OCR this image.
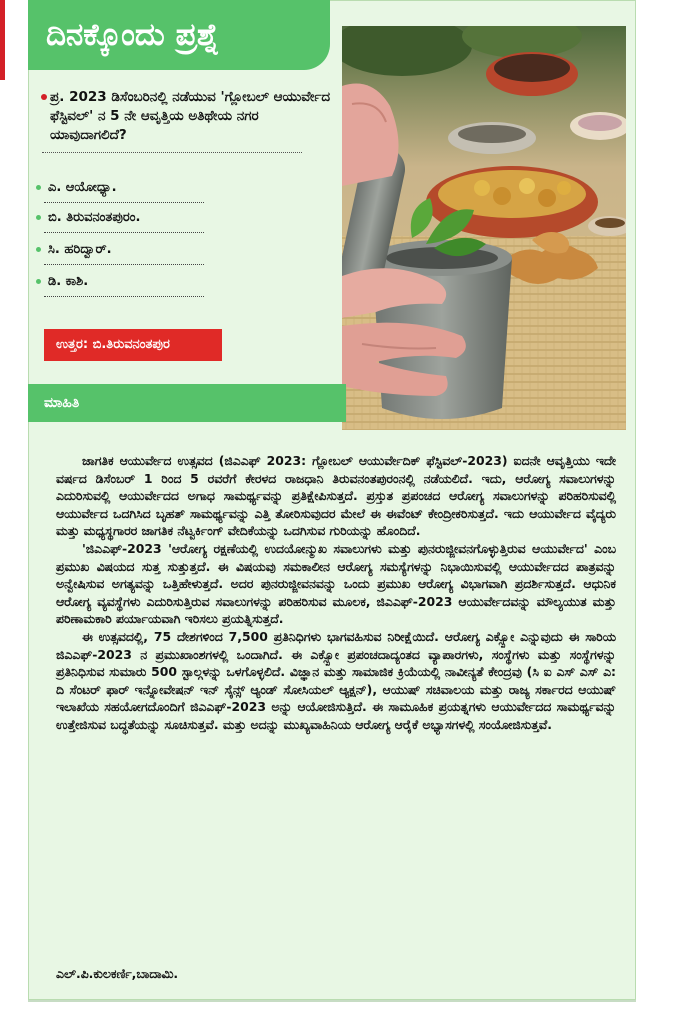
ದಿನಕ್ಕೊಂದು ಪ್ರಶ್ನೆ
ಪ್ರ. 2023 ಡಿಸೆಂಬರಿನಲ್ಲಿ ನಡೆಯುವ 'ಗ್ಲೋಬಲ್ ಆಯುರ್ವೇದ ಫೆಸ್ಟಿವಲ್' ನ 5 ನೇ ಆವೃತ್ತಿಯ ಅತಿಥೇಯ ನಗರ ಯಾವುದಾಗಲಿದೆ?
ಎ. ಆಯೋಧ್ಯಾ.
ಬಿ. ತಿರುವನಂತಪುರಂ.
ಸಿ. ಹರಿದ್ವಾರ್.
ಡಿ. ಕಾಶಿ.
ಉತ್ತರ: ಬಿ.ತಿರುವನಂತಪುರ
ಮಾಹಿತಿ

ಜಾಗತಿಕ ಆಯುರ್ವೇದ ಉತ್ಸವದ (ಜಿಎಎಫ್ 2023: ಗ್ಲೋಬಲ್ ಆಯುರ್ವೇದಿಕ್ ಫೆಸ್ಟಿವಲ್-2023) ಐದನೇ ಆವೃತ್ತಿಯು ಇದೇ ವರ್ಷದ ಡಿಸೆಂಬರ್ 1 ರಿಂದ 5 ರವರೆಗೆ ಕೇರಳದ ರಾಜಧಾನಿ ತಿರುವನಂತಪುರಂನಲ್ಲಿ ನಡೆಯಲಿದೆ. ಇದು, ಆರೋಗ್ಯ ಸವಾಲುಗಳನ್ನು ಎದುರಿಸುವಲ್ಲಿ ಆಯುರ್ವೇದದ ಅಗಾಧ ಸಾಮರ್ಥ್ಯವನ್ನು ಪ್ರತಿಕ್ಷೇಪಿಸುತ್ತದೆ. ಪ್ರಸ್ತುತ ಪ್ರಪಂಚದ ಆರೋಗ್ಯ ಸವಾಲುಗಳನ್ನು ಪರಿಹರಿಸುವಲ್ಲಿ ಆಯುರ್ವೇದ ಒದಗಿಸಿದ ಬೃಹತ್ ಸಾಮರ್ಥ್ಯವನ್ನು ಎತ್ತಿ ತೋರಿಸುವುದರ ಮೇಲೆ ಈ ಈವೆಂಟ್ ಕೇಂದ್ರೀಕರಿಸುತ್ತದೆ. ಇದು ಆಯುರ್ವೇದ ವೈದ್ಯರು ಮತ್ತು ಮಧ್ಯಸ್ಥಗಾರರ ಜಾಗತಿಕ ನೆಟ್ವರ್ಕಿಂಗ್ ವೇದಿಕೆಯನ್ನು ಒದಗಿಸುವ ಗುರಿಯನ್ನು ಹೊಂದಿದೆ.

'ಜಿಎಎಫ್-2023 'ಆರೋಗ್ಯ ರಕ್ಷಣೆಯಲ್ಲಿ ಉದಯೋನ್ಮುಖ ಸವಾಲುಗಳು ಮತ್ತು ಪುನರುಜ್ಜೀವನಗೊಳ್ಳುತ್ತಿರುವ ಆಯುರ್ವೇದ' ಎಂಬ ಪ್ರಮುಖ ವಿಷಯದ ಸುತ್ತ ಸುತ್ತುತ್ತದೆ. ಈ ವಿಷಯವು ಸಮಕಾಲೀನ ಆರೋಗ್ಯ ಸಮಸ್ಯೆಗಳನ್ನು ನಿಭಾಯಿಸುವಲ್ಲಿ ಆಯುರ್ವೇದದ ಪಾತ್ರವನ್ನು ಅನ್ವೇಷಿಸುವ ಅಗತ್ಯವನ್ನು ಒತ್ತಿಹೇಳುತ್ತದೆ. ಅದರ ಪುನರುಜ್ಜೀವನವನ್ನು ಒಂದು ಪ್ರಮುಖ ಆರೋಗ್ಯ ವಿಭಾಗವಾಗಿ ಪ್ರದರ್ಶಿಸುತ್ತದೆ. ಆಧುನಿಕ ಆರೋಗ್ಯ ವ್ಯವಸ್ಥೆಗಳು ಎದುರಿಸುತ್ತಿರುವ ಸವಾಲುಗಳನ್ನು ಪರಿಹರಿಸುವ ಮೂಲಕ, ಜಿಎಎಫ್-2023 ಆಯುರ್ವೇದವನ್ನು ಮೌಲ್ಯಯುತ ಮತ್ತು ಪರಿಣಾಮಕಾರಿ ಪರ್ಯಾಯವಾಗಿ ಇರಿಸಲು ಪ್ರಯತ್ನಿಸುತ್ತದೆ.

ಈ ಉತ್ಸವದಲ್ಲಿ, 75 ದೇಶಗಳಿಂದ 7,500 ಪ್ರತಿನಿಧಿಗಳು ಭಾಗವಹಿಸುವ ನಿರೀಕ್ಷೆಯಿದೆ. ಆರೋಗ್ಯ ಎಕ್ಸ್ಪೋ ಎನ್ನುವುದು ಈ ಸಾರಿಯ ಜಿಎಎಫ್-2023 ನ ಪ್ರಮುಖಾಂಶಗಳಲ್ಲಿ ಒಂದಾಗಿದೆ. ಈ ಎಕ್ಸ್ಪೋ ಪ್ರಪಂಚದಾದ್ಯಂತದ ವ್ಯಾಪಾರಗಳು, ಸಂಸ್ಥೆಗಳು ಮತ್ತು ಸಂಸ್ಥೆಗಳನ್ನು ಪ್ರತಿನಿಧಿಸುವ ಸುಮಾರು 500 ಸ್ಟಾಲ್ಗಳನ್ನು ಒಳಗೊಳ್ಳಲಿದೆ. ವಿಜ್ಞಾನ ಮತ್ತು ಸಾಮಾಜಿಕ ಕ್ರಿಯೆಯಲ್ಲಿ ನಾವೀನ್ಯತೆ ಕೇಂದ್ರವು (ಸಿ ಐ ಎಸ್ ಎಸ್ ಎ: ದಿ ಸೆಂಟರ್ ಫಾರ್ ಇನ್ನೋವೇಷನ್ ಇನ್ ಸೈನ್ಸ್ ಆ್ಯಂಡ್ ಸೋಸಿಯಲ್ ಆ್ಯಕ್ಷನ್), ಆಯುಷ್ ಸಚಿವಾಲಯ ಮತ್ತು ರಾಜ್ಯ ಸರ್ಕಾರದ ಆಯುಷ್ ಇಲಾಖೆಯ ಸಹಯೋಗದೊಂದಿಗೆ ಜಿಎಎಫ್-2023 ಅನ್ನು ಆಯೋಜಿಸುತ್ತಿದೆ. ಈ ಸಾಮೂಹಿಕ ಪ್ರಯತ್ನಗಳು ಆಯುರ್ವೇದದ ಸಾಮರ್ಥ್ಯವನ್ನು ಉತ್ತೇಜಿಸುವ ಬದ್ಧತೆಯನ್ನು ಸೂಚಿಸುತ್ತವೆ. ಮತ್ತು ಅದನ್ನು ಮುಖ್ಯವಾಹಿನಿಯ ಆರೋಗ್ಯ ಆರೈಕೆ ಅಭ್ಯಾಸಗಳಲ್ಲಿ ಸಂಯೋಜಿಸುತ್ತವೆ.

ಎಲ್.ಪಿ.ಕುಲಕರ್ಣಿ,ಬಾದಾಮಿ.
